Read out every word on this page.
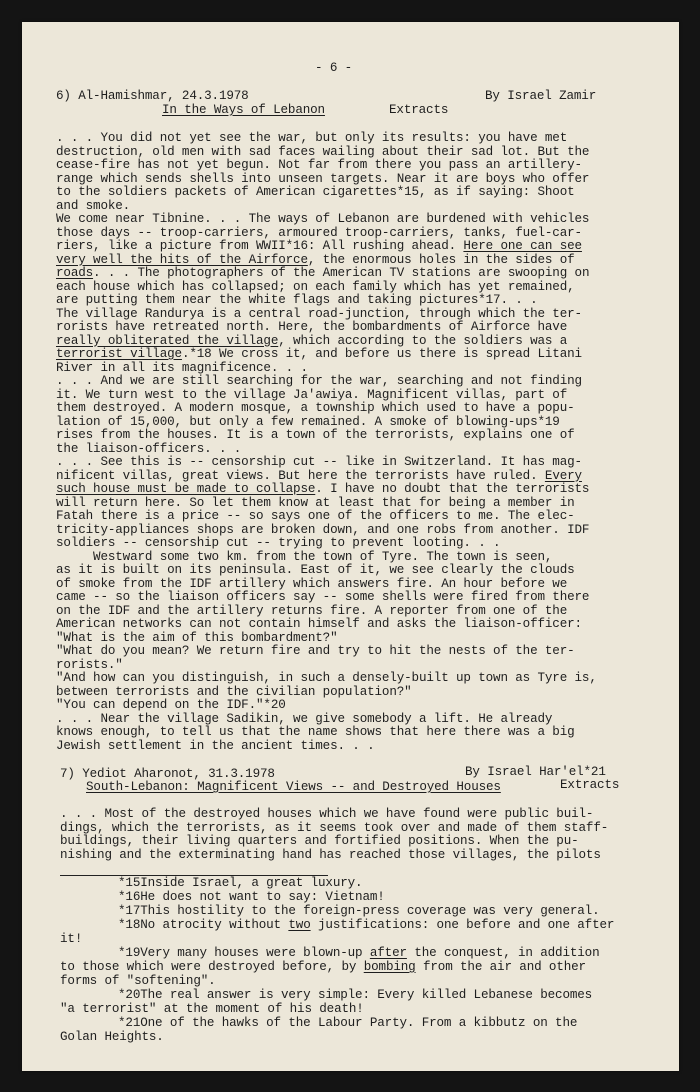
- 6 -
6) Al-Hamishmar, 24.3.1978	By Israel Zamir
In the Ways of Lebanon	Extracts
. . . You did not yet see the war, but only its results: you have met
destruction, old men with sad faces wailing about their sad lot. But the
cease-fire has not yet begun. Not far from there you pass an artillery-
range which sends shells into unseen targets. Near it are boys who offer
to the soldiers packets of American cigarettes*15, as if saying: Shoot
and smoke.
We come near Tibnine. . . The ways of Lebanon are burdened with vehicles
those days -- troop-carriers, armoured troop-carriers, tanks, fuel-car-
riers, like a picture from WWII*16: All rushing ahead. Here one can see
very well the hits of the Airforce, the enormous holes in the sides of
roads. . . The photographers of the American TV stations are swooping on
each house which has collapsed; on each family which has yet remained,
are putting them near the white flags and taking pictures*17. . .
The village Randurya is a central road-junction, through which the ter-
rorists have retreated north. Here, the bombardments of Airforce have
really obliterated the village, which according to the soldiers was a
terrorist village.*18 We cross it, and before us there is spread Litani
River in all its magnificence. . .
. . . And we are still searching for the war, searching and not finding
it. We turn west to the village Ja'awiya. Magnificent villas, part of
them destroyed. A modern mosque, a township which used to have a popu-
lation of 15,000, but only a few remained. A smoke of blowing-ups*19
rises from the houses. It is a town of the terrorists, explains one of
the liaison-officers. . .
. . . See this is -- censorship cut -- like in Switzerland. It has mag-
nificent villas, great views. But here the terrorists have ruled. Every
such house must be made to collapse. I have no doubt that the terrorists
will return here. So let them know at least that for being a member in
Fatah there is a price -- so says one of the officers to me. The elec-
tricity-appliances shops are broken down, and one robs from another. IDF
soldiers -- censorship cut -- trying to prevent looting. . .
Westward some two km. from the town of Tyre. The town is seen,
as it is built on its peninsula. East of it, we see clearly the clouds
of smoke from the IDF artillery which answers fire. An hour before we
came -- so the liaison officers say -- some shells were fired from there
on the IDF and the artillery returns fire. A reporter from one of the
American networks can not contain himself and asks the liaison-officer:
"What is the aim of this bombardment?"
"What do you mean? We return fire and try to hit the nests of the ter-
rorists."
"And how can you distinguish, in such a densely-built up town as Tyre is,
between terrorists and the civilian population?"
"You can depend on the IDF."*20
. . . Near the village Sadikin, we give somebody a lift. He already
knows enough, to tell us that the name shows that here there was a big
Jewish settlement in the ancient times. . .
7) Yediot Aharonot, 31.3.1978	By Israel Har'el*21
South-Lebanon: Magnificent Views -- and Destroyed Houses	Extracts
. . . Most of the destroyed houses which we have found were public buil-
dings, which the terrorists, as it seems took over and made of them staff-
buildings, their living quarters and fortified positions. When the pu-
nishing and the exterminating hand has reached those villages, the pilots
*15Inside Israel, a great luxury.
*16He does not want to say: Vietnam!
*17This hostility to the foreign-press coverage was very general.
*18No atrocity without two justifications: one before and one after
it!
*19Very many houses were blown-up after the conquest, in addition
to those which were destroyed before, by bombing from the air and other
forms of "softening".
*20The real answer is very simple: Every killed Lebanese becomes
"a terrorist" at the moment of his death!
*21One of the hawks of the Labour Party. From a kibbutz on the
Golan Heights.
